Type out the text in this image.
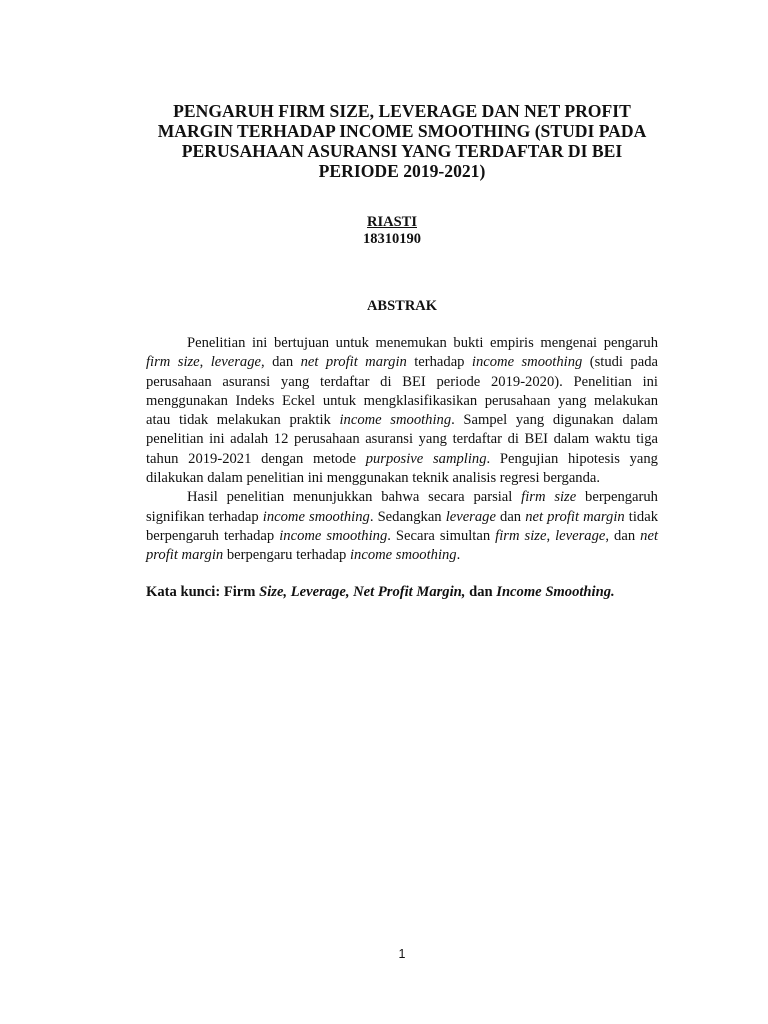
PENGARUH FIRM SIZE, LEVERAGE DAN NET PROFIT
MARGIN TERHADAP INCOME SMOOTHING (STUDI PADA
PERUSAHAAN ASURANSI YANG TERDAFTAR DI BEI
PERIODE 2019-2021)
RIASTI
18310190
ABSTRAK

Penelitian ini bertujuan untuk menemukan bukti empiris mengenai pengaruh firm size, leverage, dan net profit margin terhadap income smoothing (studi pada perusahaan asuransi yang terdaftar di BEI periode 2019-2020). Penelitian ini menggunakan Indeks Eckel untuk mengklasifikasikan perusahaan yang melakukan atau tidak melakukan praktik income smoothing. Sampel yang digunakan dalam penelitian ini adalah 12 perusahaan asuransi yang terdaftar di BEI dalam waktu tiga tahun 2019-2021 dengan metode purposive sampling. Pengujian hipotesis yang dilakukan dalam penelitian ini menggunakan teknik analisis regresi berganda.

Hasil penelitian menunjukkan bahwa secara parsial firm size berpengaruh signifikan terhadap income smoothing. Sedangkan leverage dan net profit margin tidak berpengaruh terhadap income smoothing. Secara simultan firm size, leverage, dan net profit margin berpengaru terhadap income smoothing.

Kata kunci: Firm Size, Leverage, Net Profit Margin, dan Income Smoothing.
1
